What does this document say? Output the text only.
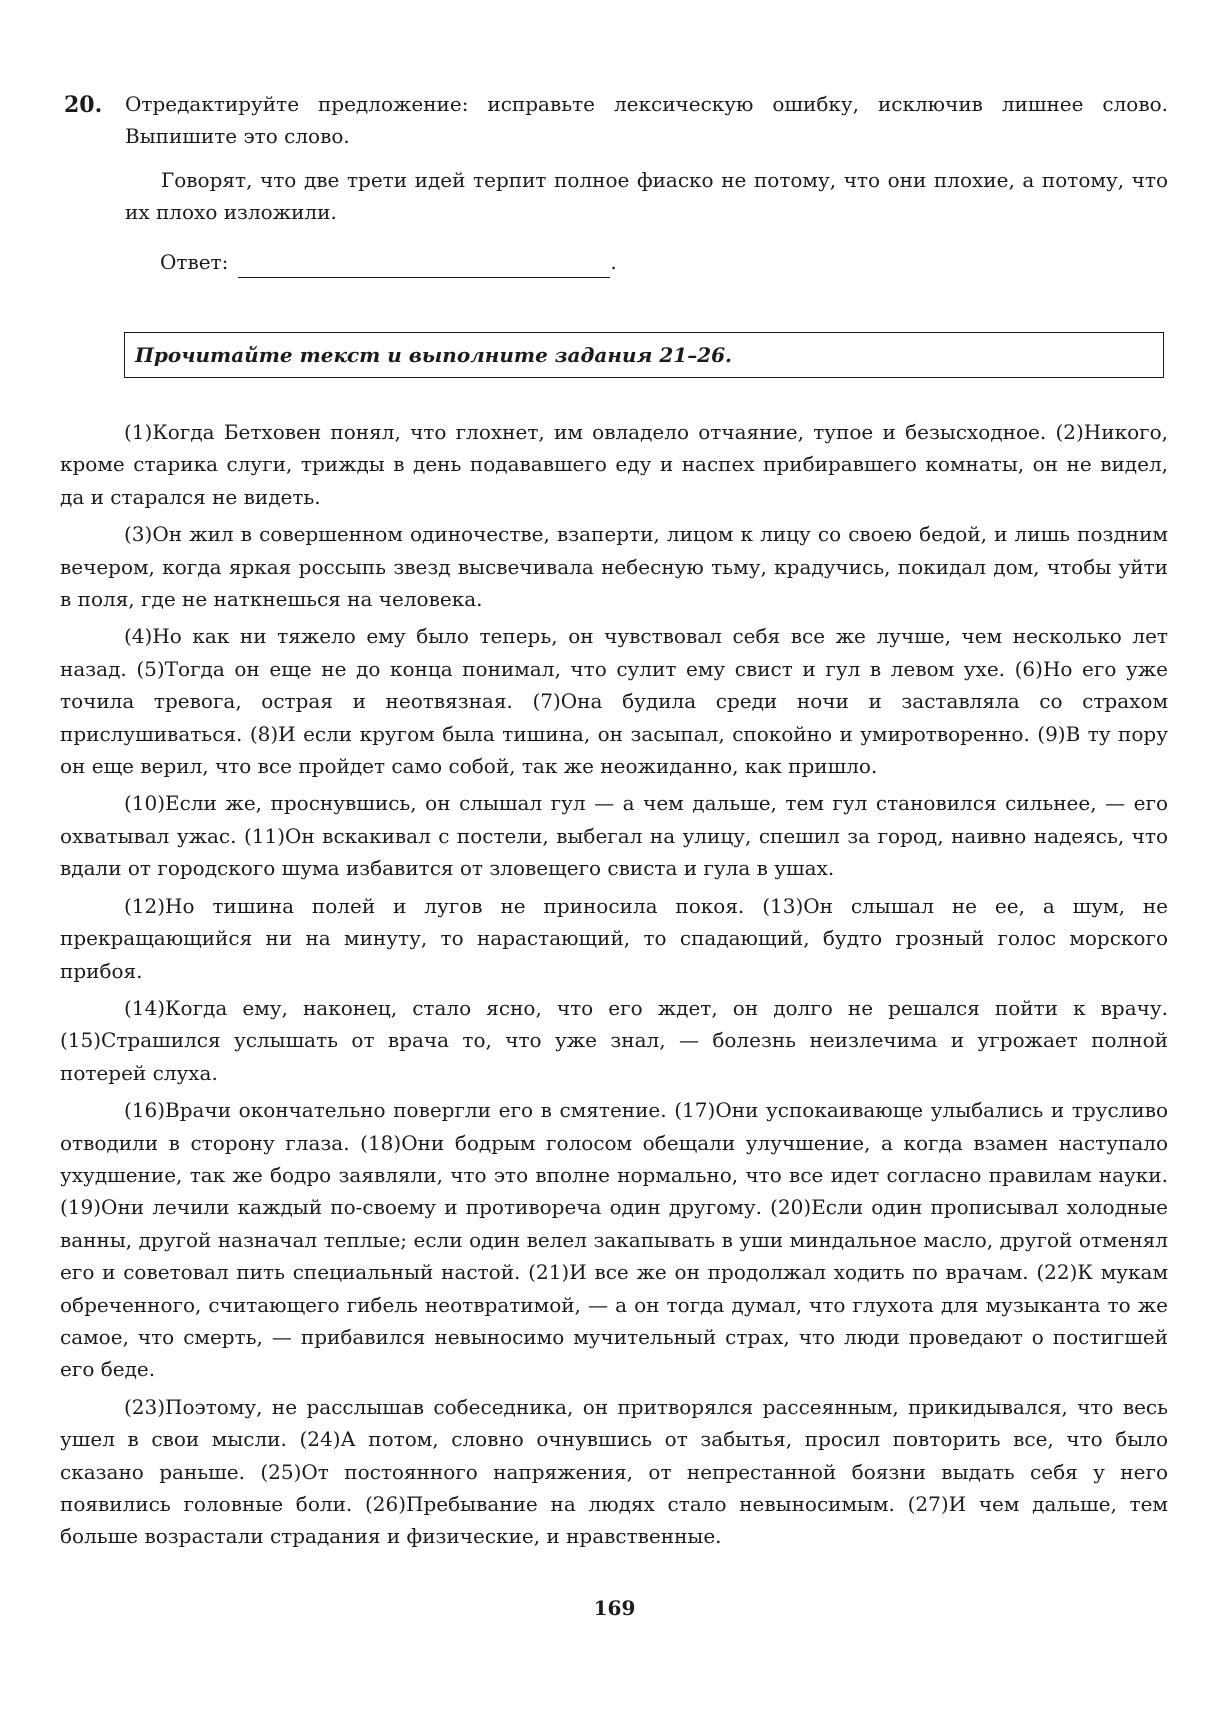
20. Отредактируйте предложение: исправьте лексическую ошибку, исключив лишнее слово. Выпишите это слово.
Говорят, что две трети идей терпит полное фиаско не потому, что они плохие, а потому, что их плохо изложили.
Ответ:	.
Прочитайте текст и выполните задания 21–26.

(1)Когда Бетховен понял, что глохнет, им овладело отчаяние, тупое и безысходное. (2)Никого, кроме старика слуги, трижды в день подававшего еду и наспех прибиравшего комнаты, он не видел, да и старался не видеть.

(3)Он жил в совершенном одиночестве, взаперти, лицом к лицу со своею бедой, и лишь поздним вечером, когда яркая россыпь звезд высвечивала небесную тьму, крадучись, покидал дом, чтобы уйти в поля, где не наткнешься на человека.

(4)Но как ни тяжело ему было теперь, он чувствовал себя все же лучше, чем несколько лет назад. (5)Тогда он еще не до конца понимал, что сулит ему свист и гул в левом ухе. (6)Но его уже точила тревога, острая и неотвязная. (7)Она будила среди ночи и заставляла со страхом прислушиваться. (8)И если кругом была тишина, он засыпал, спокойно и умиротворенно. (9)В ту пору он еще верил, что все пройдет само собой, так же неожиданно, как пришло.

(10)Если же, проснувшись, он слышал гул — а чем дальше, тем гул становился сильнее, — его охватывал ужас. (11)Он вскакивал с постели, выбегал на улицу, спешил за город, наивно надеясь, что вдали от городского шума избавится от зловещего свиста и гула в ушах.

(12)Но тишина полей и лугов не приносила покоя. (13)Он слышал не ее, а шум, не прекращающийся ни на минуту, то нарастающий, то спадающий, будто грозный голос морского прибоя.

(14)Когда ему, наконец, стало ясно, что его ждет, он долго не решался пойти к врачу. (15)Страшился услышать от врача то, что уже знал, — болезнь неизлечима и угрожает полной потерей слуха.

(16)Врачи окончательно повергли его в смятение. (17)Они успокаивающе улыбались и трусливо отводили в сторону глаза. (18)Они бодрым голосом обещали улучшение, а когда взамен наступало ухудшение, так же бодро заявляли, что это вполне нормально, что все идет согласно правилам науки. (19)Они лечили каждый по-своему и противореча один другому. (20)Если один прописывал холодные ванны, другой назначал теплые; если один велел закапывать в уши миндальное масло, другой отменял его и советовал пить специальный настой. (21)И все же он продолжал ходить по врачам. (22)К мукам обреченного, считающего гибель неотвратимой, — а он тогда думал, что глухота для музыканта то же самое, что смерть, — прибавился невыносимо мучительный страх, что люди проведают о постигшей его беде.

(23)Поэтому, не расслышав собеседника, он притворялся рассеянным, прикидывался, что весь ушел в свои мысли. (24)А потом, словно очнувшись от забытья, просил повторить все, что было сказано раньше. (25)От постоянного напряжения, от непрестанной боязни выдать себя у него появились головные боли. (26)Пребывание на людях стало невыносимым. (27)И чем дальше, тем больше возрастали страдания и физические, и нравственные.

169
